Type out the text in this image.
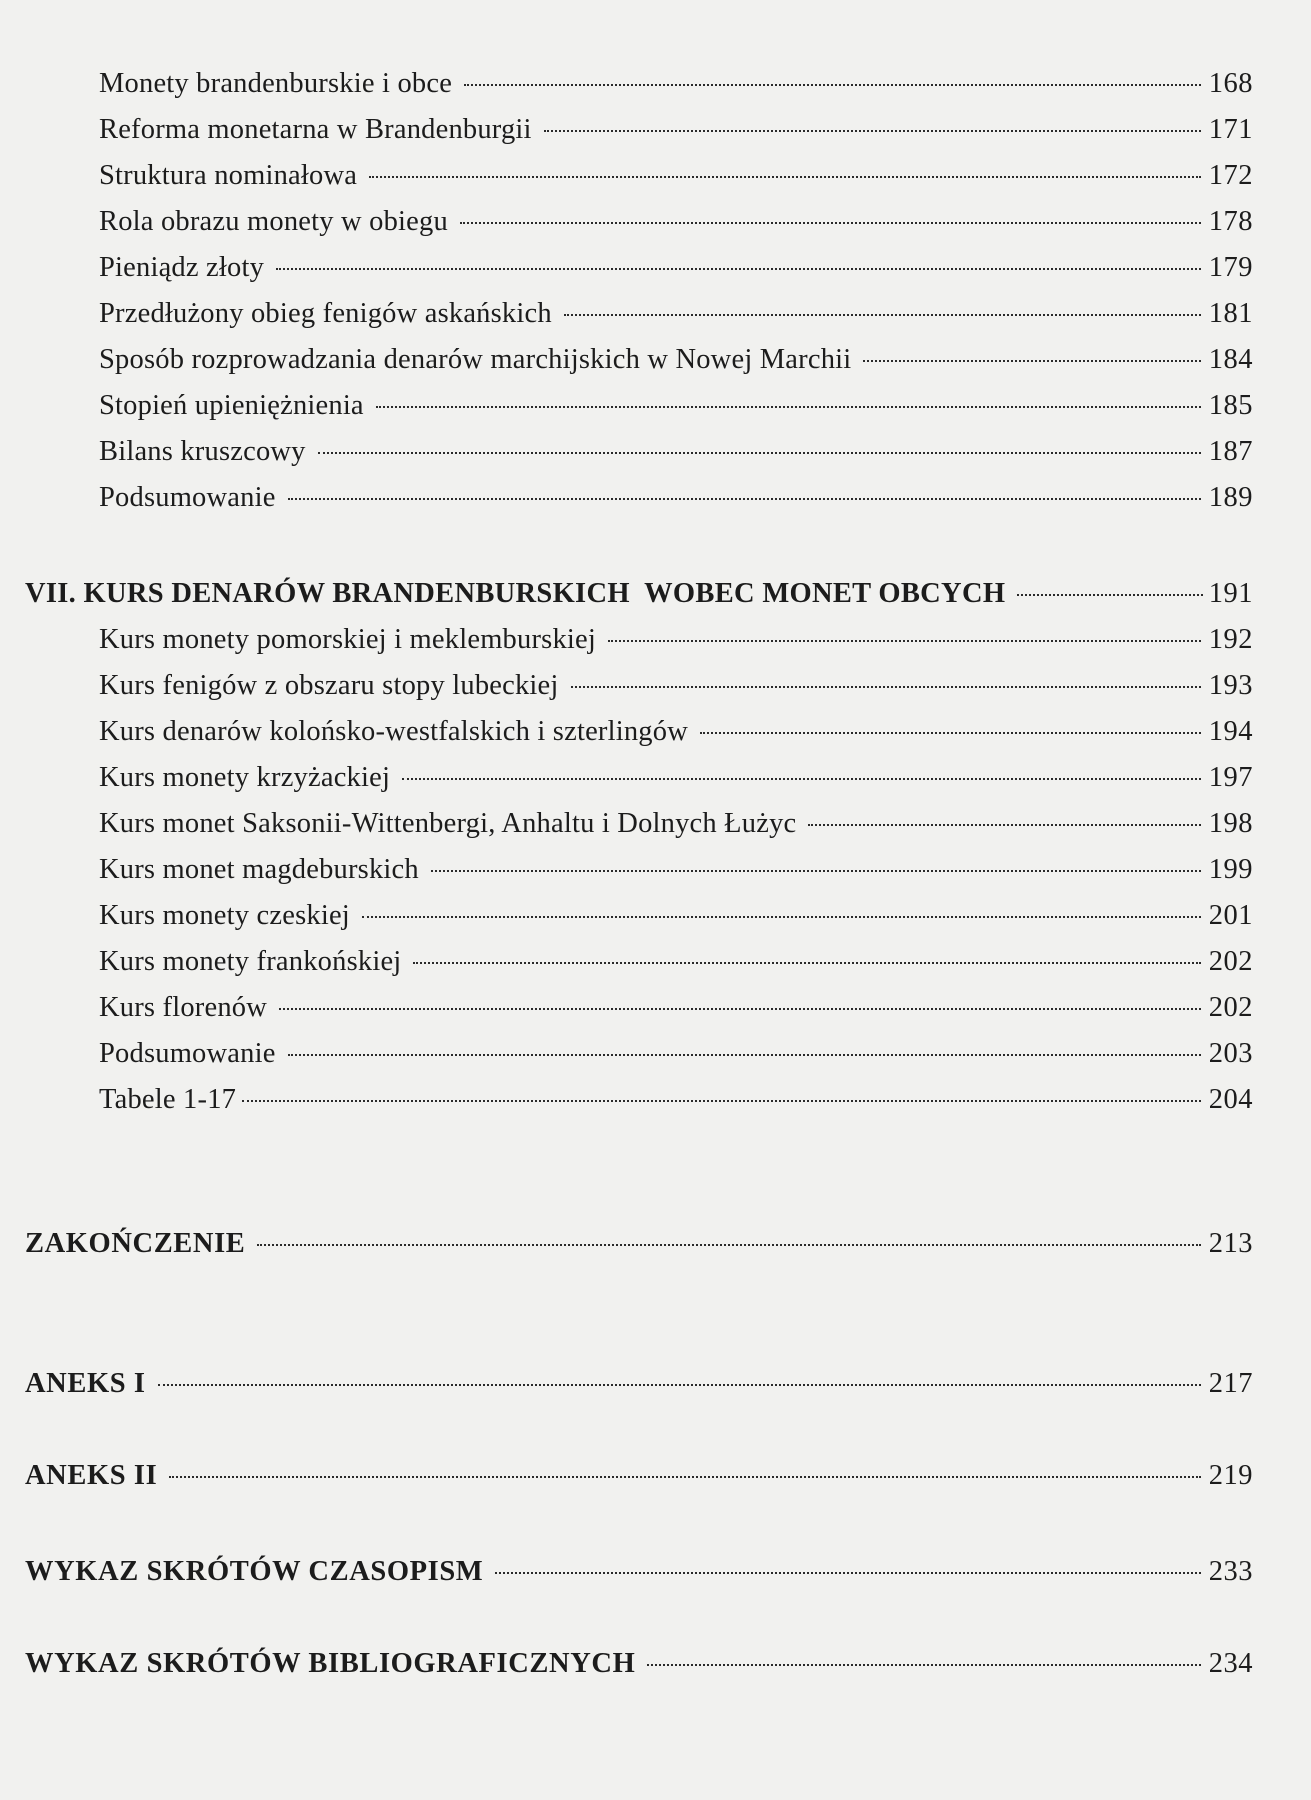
Monety brandenburskie i obce	168
Reforma monetarna w Brandenburgii	171
Struktura nominałowa	172
Rola obrazu monety w obiegu	178
Pieniądz złoty	179
Przedłużony obieg fenigów askańskich	181
Sposób rozprowadzania denarów marchijskich w Nowej Marchii	184
Stopień upieniężnienia	185
Bilans kruszcowy	187
Podsumowanie	189
VII. KURS DENARÓW BRANDENBURSKICH  WOBEC MONET OBCYCH	191
Kurs monety pomorskiej i meklemburskiej	192
Kurs fenigów z obszaru stopy lubeckiej	193
Kurs denarów kolońsko-westfalskich i szterlingów	194
Kurs monety krzyżackiej	197
Kurs monet Saksonii-Wittenbergi, Anhaltu i Dolnych Łużyc	198
Kurs monet magdeburskich	199
Kurs monety czeskiej	201
Kurs monety frankońskiej	202
Kurs florenów	202
Podsumowanie	203
Tabele 1-17	204
ZAKOŃCZENIE	213
ANEKS I	217
ANEKS II	219
WYKAZ SKRÓTÓW CZASOPISM	233
WYKAZ SKRÓTÓW BIBLIOGRAFICZNYCH	234
